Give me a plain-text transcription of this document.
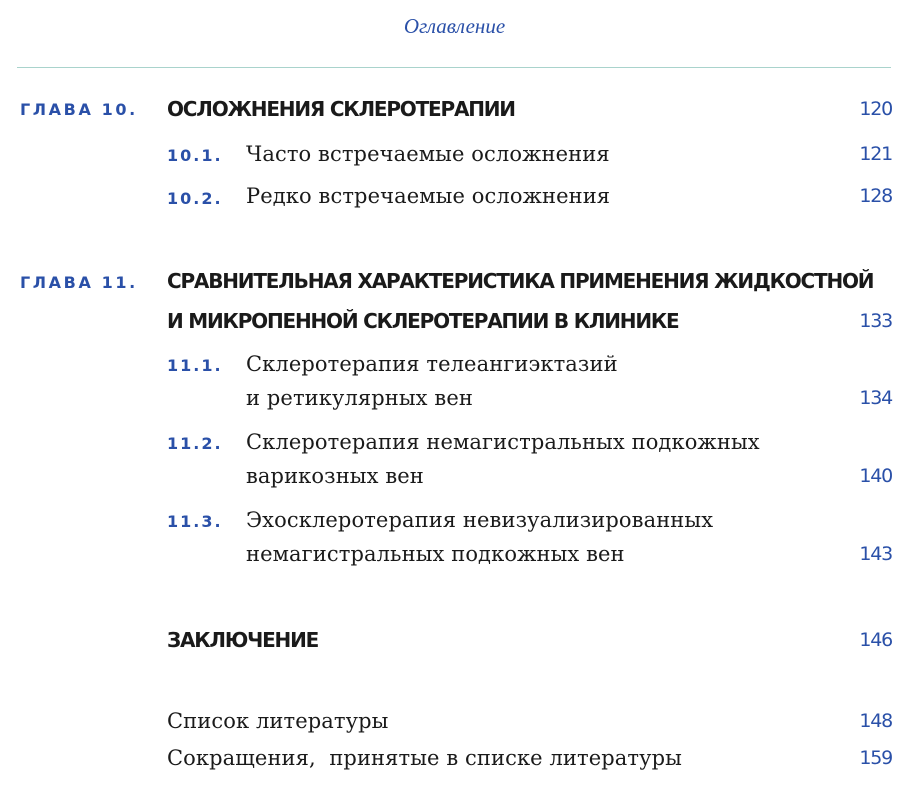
Оглавление
ГЛАВА 10. ОСЛОЖНЕНИЯ СКЛЕРОТЕРАПИИ	120
10.1. Часто встречаемые осложнения	121
10.2. Редко встречаемые осложнения	128
ГЛАВА 11. СРАВНИТЕЛЬНАЯ ХАРАКТЕРИСТИКА ПРИМЕНЕНИЯ ЖИДКОСТНОЙ
И МИКРОПЕННОЙ СКЛЕРОТЕРАПИИ В КЛИНИКЕ	133
11.1. Склеротерапия телеангиэктазий
и ретикулярных вен	134
11.2. Склеротерапия немагистральных подкожных
варикозных вен	140
11.3. Эхосклеротерапия невизуализированных
немагистральных подкожных вен	143
ЗАКЛЮЧЕНИЕ	146
Список литературы	148
Сокращения,  принятые в списке литературы	159
